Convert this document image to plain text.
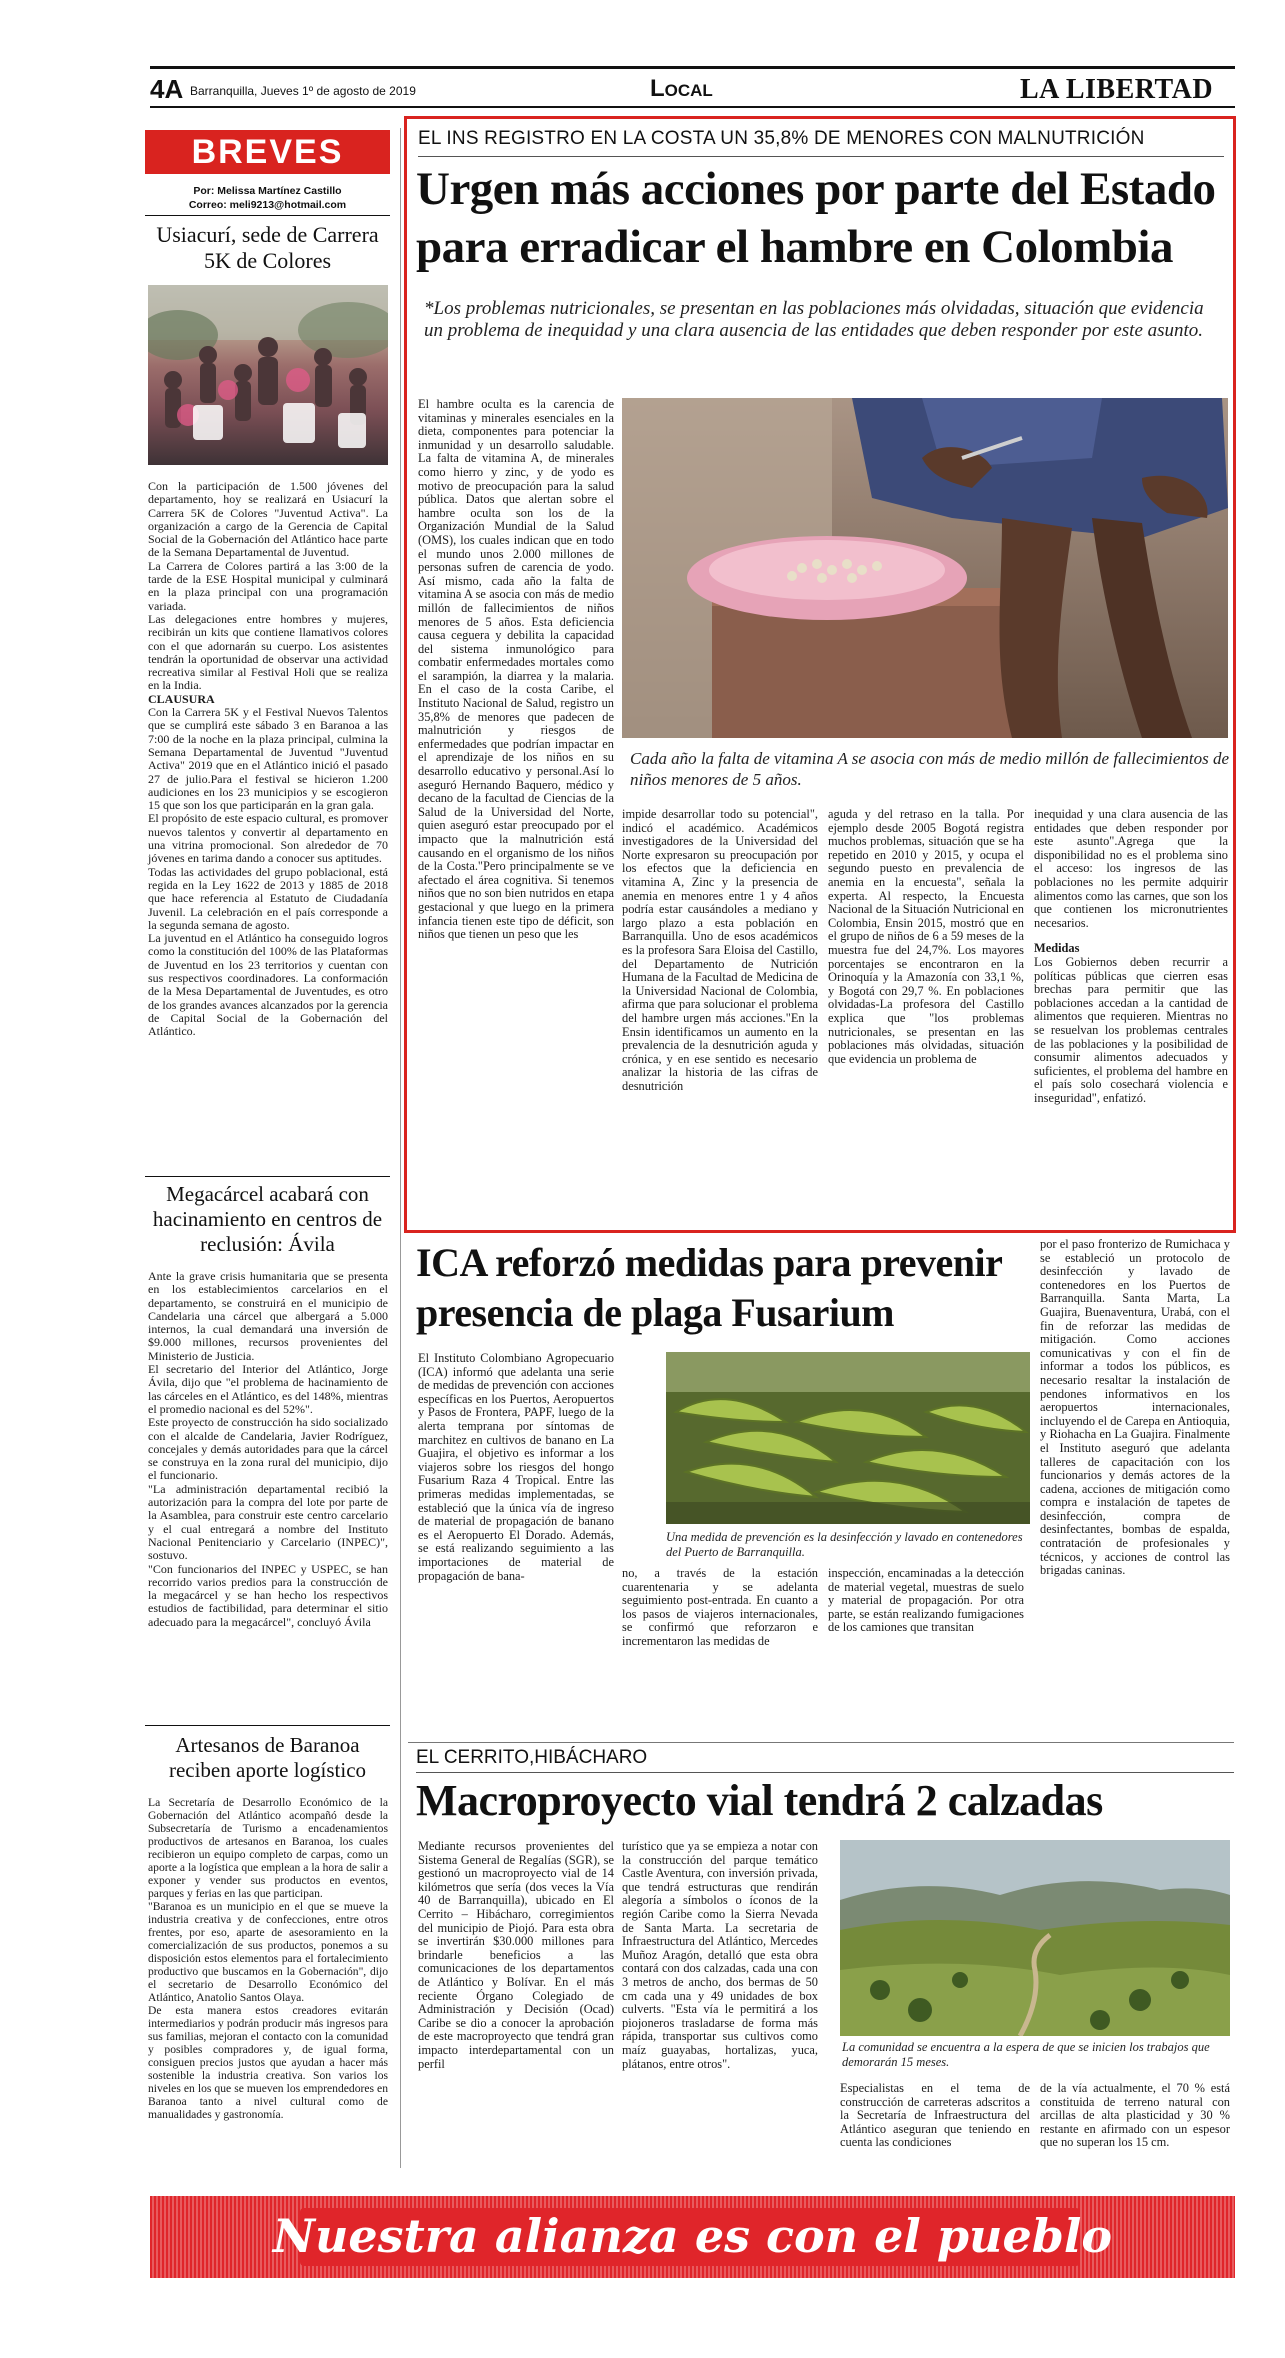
4A Barranquilla, Jueves 1º de agosto de 2019	Local	LA LIBERTAD
BREVES
Por: Melissa Martínez Castillo
Correo: meli9213@hotmail.com
Usiacurí, sede de Carrera 5K de Colores

Con la participación de 1.500 jóvenes del departamento, hoy se realizará en Usiacurí la Carrera 5K de Colores "Juventud Activa". La organización a cargo de la Gerencia de Capital Social de la Gobernación del Atlántico hace parte de la Semana Departamental de Juventud.

La Carrera de Colores partirá a las 3:00 de la tarde de la ESE Hospital municipal y culminará en la plaza principal con una programación variada.

Las delegaciones entre hombres y mujeres, recibirán un kits que contiene llamativos colores con el que adornarán su cuerpo. Los asistentes tendrán la oportunidad de observar una actividad recreativa similar al Festival Holi que se realiza en la India.

CLAUSURA

Con la Carrera 5K y el Festival Nuevos Talentos que se cumplirá este sábado 3 en Baranoa a las 7:00 de la noche en la plaza principal, culmina la Semana Departamental de Juventud "Juventud Activa" 2019 que en el Atlántico inició el pasado 27 de julio.Para el festival se hicieron 1.200 audiciones en los 23 municipios y se escogieron 15 que son los que participarán en la gran gala.

El propósito de este espacio cultural, es promover nuevos talentos y convertir al departamento en una vitrina promocional. Son alrededor de 70 jóvenes en tarima dando a conocer sus aptitudes.

Todas las actividades del grupo poblacional, está regida en la Ley 1622 de 2013 y 1885 de 2018 que hace referencia al Estatuto de Ciudadanía Juvenil. La celebración en el país corresponde a la segunda semana de agosto.

La juventud en el Atlántico ha conseguido logros como la constitución del 100% de las Plataformas de Juventud en los 23 territorios y cuentan con sus respectivos coordinadores. La conformación de la Mesa Departamental de Juventudes, es otro de los grandes avances alcanzados por la gerencia de Capital Social de la Gobernación del Atlántico.

Megacárcel acabará con hacinamiento en centros de reclusión: Ávila

Ante la grave crisis humanitaria que se presenta en los establecimientos carcelarios en el departamento, se construirá en el municipio de Candelaria una cárcel que albergará a 5.000 internos, la cual demandará una inversión de $9.000 millones, recursos provenientes del Ministerio de Justicia.

El secretario del Interior del Atlántico, Jorge Ávila, dijo que "el problema de hacinamiento de las cárceles en el Atlántico, es del 148%, mientras el promedio nacional es del 52%".

Este proyecto de construcción ha sido socializado con el alcalde de Candelaria, Javier Rodríguez, concejales y demás autoridades para que la cárcel se construya en la zona rural del municipio, dijo el funcionario.

"La administración departamental recibió la autorización para la compra del lote por parte de la Asamblea, para construir este centro carcelario y el cual entregará a nombre del Instituto Nacional Penitenciario y Carcelario (INPEC)", sostuvo.

"Con funcionarios del INPEC y USPEC, se han recorrido varios predios para la construcción de la megacárcel y se han hecho los respectivos estudios de factibilidad, para determinar el sitio adecuado para la megacárcel", concluyó Ávila

Artesanos de Baranoa reciben aporte logístico

La Secretaría de Desarrollo Económico de la Gobernación del Atlántico acompañó desde la Subsecretaría de Turismo a encadenamientos productivos de artesanos en Baranoa, los cuales recibieron un equipo completo de carpas, como un aporte a la logística que emplean a la hora de salir a exponer y vender sus productos en eventos, parques y ferias en las que participan.

"Baranoa es un municipio en el que se mueve la industria creativa y de confecciones, entre otros frentes, por eso, aparte de asesoramiento en la comercialización de sus productos, ponemos a su disposición estos elementos para el fortalecimiento productivo que buscamos en la Gobernación", dijo el secretario de Desarrollo Económico del Atlántico, Anatolio Santos Olaya.

De esta manera estos creadores evitarán intermediarios y podrán producir más ingresos para sus familias, mejoran el contacto con la comunidad y posibles compradores y, de igual forma, consiguen precios justos que ayudan a hacer más sostenible la industria creativa. Son varios los niveles en los que se mueven los emprendedores en Baranoa tanto a nivel cultural como de manualidades y gastronomía.

EL INS REGISTRO EN LA COSTA UN 35,8% DE MENORES CON MALNUTRICIÓN
Urgen más acciones por parte del Estado para erradicar el hambre en Colombia
*Los problemas nutricionales, se presentan en las poblaciones más olvidadas, situación que evidencia un problema de inequidad y una clara ausencia de las entidades que deben responder por este asunto.
El hambre oculta es la carencia de vitaminas y minerales esenciales en la dieta, componentes para potenciar la inmunidad y un desarrollo saludable. La falta de vitamina A, de minerales como hierro y zinc, y de yodo es motivo de preocupación para la salud pública. Datos que alertan sobre el hambre oculta son los de la Organización Mundial de la Salud (OMS), los cuales indican que en todo el mundo unos 2.000 millones de personas sufren de carencia de yodo. Así mismo, cada año la falta de vitamina A se asocia con más de medio millón de fallecimientos de niños menores de 5 años. Esta deficiencia causa ceguera y debilita la capacidad del sistema inmunológico para combatir enfermedades mortales como el sarampión, la diarrea y la malaria. En el caso de la costa Caribe, el Instituto Nacional de Salud, registro un 35,8% de menores que padecen de malnutrición y riesgos de enfermedades que podrían impactar en el aprendizaje de los niños en su desarrollo educativo y personal.Así lo aseguró Hernando Baquero, médico y decano de la facultad de Ciencias de la Salud de la Universidad del Norte, quien aseguró estar preocupado por el impacto que la malnutrición está causando en el organismo de los niños de la Costa."Pero principalmente se ve afectado el área cognitiva. Si tenemos niños que no son bien nutridos en etapa gestacional y que luego en la primera infancia tienen este tipo de déficit, son niños que tienen un peso que les
Cada año la falta de vitamina A se asocia con más de medio millón de fallecimientos de niños menores de 5 años.
impide desarrollar todo su potencial", indicó el académico. Académicos investigadores de la Universidad del Norte expresaron su preocupación por los efectos que la deficiencia en vitamina A, Zinc y la presencia de anemia en menores entre 1 y 4 años podría estar causándoles a mediano y largo plazo a esta población en Barranquilla. Uno de esos académicos es la profesora Sara Eloisa del Castillo, del Departamento de Nutrición Humana de la Facultad de Medicina de la Universidad Nacional de Colombia, afirma que para solucionar el problema del hambre urgen más acciones."En la Ensin identificamos un aumento en la prevalencia de la desnutrición aguda y crónica, y en ese sentido es necesario analizar la historia de las cifras de desnutrición
aguda y del retraso en la talla. Por ejemplo desde 2005 Bogotá registra muchos problemas, situación que se ha repetido en 2010 y 2015, y ocupa el segundo puesto en prevalencia de anemia en la encuesta", señala la experta. Al respecto, la Encuesta Nacional de la Situación Nutricional en Colombia, Ensin 2015, mostró que en el grupo de niños de 6 a 59 meses de la muestra fue del 24,7%. Los mayores porcentajes se encontraron en la Orinoquía y la Amazonía con 33,1 %, y Bogotá con 29,7 %. En poblaciones olvidadas-La profesora del Castillo explica que "los problemas nutricionales, se presentan en las poblaciones más olvidadas, situación que evidencia un problema de

inequidad y una clara ausencia de las entidades que deben responder por este asunto".Agrega que la disponibilidad no es el problema sino el acceso: los ingresos de las poblaciones no les permite adquirir alimentos como las carnes, que son los que contienen los micronutrientes necesarios.

Medidas

Los Gobiernos deben recurrir a políticas públicas que cierren esas brechas para permitir que las poblaciones accedan a la cantidad de alimentos que requieren. Mientras no se resuelvan los problemas centrales de las poblaciones y la posibilidad de consumir alimentos adecuados y suficientes, el problema del hambre en el país solo cosechará violencia e inseguridad", enfatizó.

ICA reforzó medidas para prevenir presencia de plaga Fusarium
El Instituto Colombiano Agropecuario (ICA) informó que adelanta una serie de medidas de prevención con acciones específicas en los Puertos, Aeropuertos y Pasos de Frontera, PAPF, luego de la alerta temprana por síntomas de marchitez en cultivos de banano en La Guajira, el objetivo es informar a los viajeros sobre los riesgos del hongo Fusarium Raza 4 Tropical. Entre las primeras medidas implementadas, se estableció que la única vía de ingreso de material de propagación de banano es el Aeropuerto El Dorado. Además, se está realizando seguimiento a las importaciones de material de propagación de bana-
Una medida de prevención es la desinfección y lavado en contenedores del Puerto de Barranquilla.
no, a través de la estación cuarentenaria y se adelanta seguimiento post-entrada. En cuanto a los pasos de viajeros internacionales, se confirmó que reforzaron e incrementaron las medidas de
inspección, encaminadas a la detección de material vegetal, muestras de suelo y material de propagación. Por otra parte, se están realizando fumigaciones de los camiones que transitan
por el paso fronterizo de Rumichaca y se estableció un protocolo de desinfección y lavado de contenedores en los Puertos de Barranquilla. Santa Marta, La Guajira, Buenaventura, Urabá, con el fin de reforzar las medidas de mitigación. Como acciones comunicativas y con el fin de informar a todos los públicos, es necesario resaltar la instalación de pendones informativos en los aeropuertos internacionales, incluyendo el de Carepa en Antioquia, y Riohacha en La Guajira. Finalmente el Instituto aseguró que adelanta talleres de capacitación con los funcionarios y demás actores de la cadena, acciones de mitigación como compra e instalación de tapetes de desinfección, compra de desinfectantes, bombas de espalda, contratación de profesionales y técnicos, y acciones de control las brigadas caninas.
EL CERRITO,HIBÁCHARO
Macroproyecto vial tendrá 2 calzadas
Mediante recursos provenientes del Sistema General de Regalías (SGR), se gestionó un macroproyecto vial de 14 kilómetros que sería (dos veces la Vía 40 de Barranquilla), ubicado en El Cerrito – Hibácharo, corregimientos del municipio de Piojó. Para esta obra se invertirán $30.000 millones para brindarle beneficios a las comunicaciones de los departamentos de Atlántico y Bolívar. En el más reciente Órgano Colegiado de Administración y Decisión (Ocad) Caribe se dio a conocer la aprobación de este macroproyecto que tendrá gran impacto interdepartamental con un perfil
turístico que ya se empieza a notar con la construcción del parque temático Castle Aventura, con inversión privada, que tendrá estructuras que rendirán alegoría a símbolos o íconos de la región Caribe como la Sierra Nevada de Santa Marta. La secretaria de Infraestructura del Atlántico, Mercedes Muñoz Aragón, detalló que esta obra contará con dos calzadas, cada una con 3 metros de ancho, dos bermas de 50 cm cada una y 49 unidades de box culverts. "Esta vía le permitirá a los piojoneros trasladarse de forma más rápida, transportar sus cultivos como maíz guayabas, hortalizas, yuca, plátanos, entre otros".
La comunidad se encuentra a la espera de que se inicien los trabajos que demorarán 15 meses.
Especialistas en el tema de construcción de carreteras adscritos a la Secretaría de Infraestructura del Atlántico aseguran que teniendo en cuenta las condiciones
de la vía actualmente, el 70 % está constituida de terreno natural con arcillas de alta plasticidad y 30 % restante en afirmado con un espesor que no superan los 15 cm.
Nuestra alianza es con el pueblo
